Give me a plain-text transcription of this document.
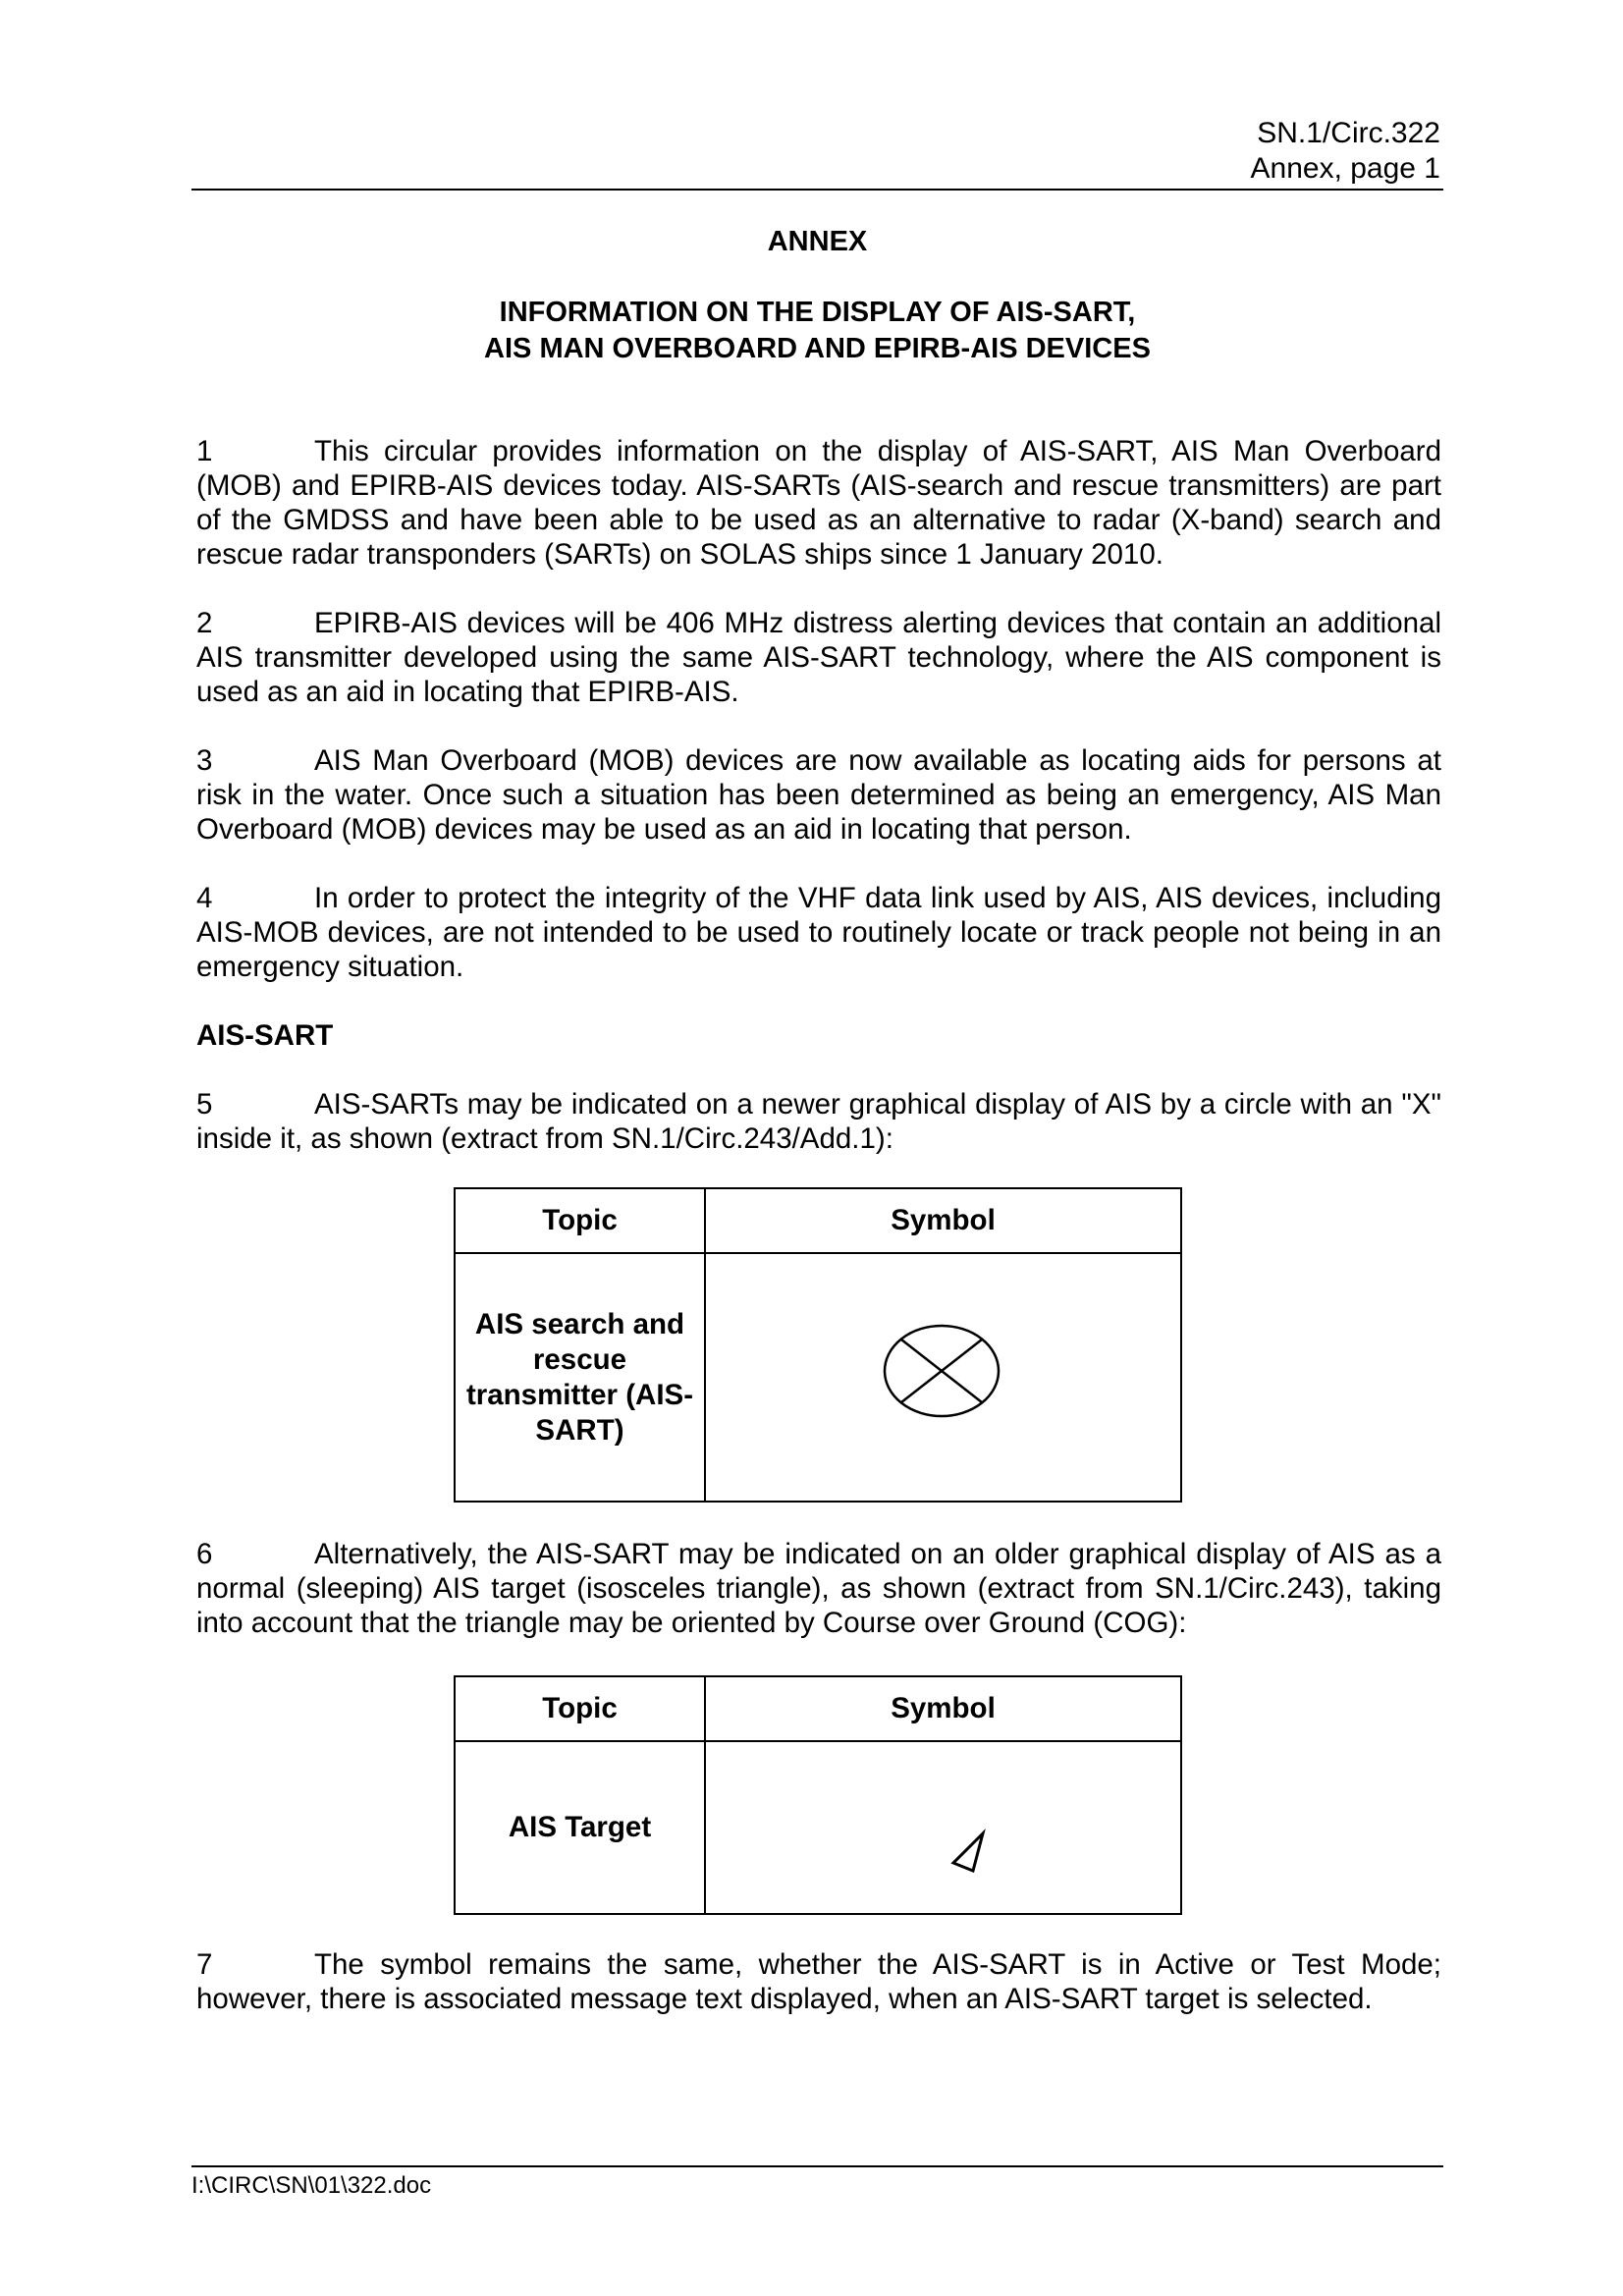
SN.1/Circ.322
Annex, page 1
ANNEX
INFORMATION ON THE DISPLAY OF AIS-SART,
AIS MAN OVERBOARD AND EPIRB-AIS DEVICES
1	This circular provides information on the display of AIS-SART, AIS Man Overboard (MOB) and EPIRB-AIS devices today. AIS-SARTs (AIS-search and rescue transmitters) are part of the GMDSS and have been able to be used as an alternative to radar (X-band) search and rescue radar transponders (SARTs) on SOLAS ships since 1 January 2010.
2	EPIRB-AIS devices will be 406 MHz distress alerting devices that contain an additional AIS transmitter developed using the same AIS-SART technology, where the AIS component is used as an aid in locating that EPIRB-AIS.
3	AIS Man Overboard (MOB) devices are now available as locating aids for persons at risk in the water. Once such a situation has been determined as being an emergency, AIS Man Overboard (MOB) devices may be used as an aid in locating that person.
4	In order to protect the integrity of the VHF data link used by AIS, AIS devices, including AIS-MOB devices, are not intended to be used to routinely locate or track people not being in an emergency situation.
AIS-SART
5	AIS-SARTs may be indicated on a newer graphical display of AIS by a circle with an "X" inside it, as shown (extract from SN.1/Circ.243/Add.1):
Topic	Symbol

AIS search and rescue transmitter (AIS-SART)

6	Alternatively, the AIS-SART may be indicated on an older graphical display of AIS as a normal (sleeping) AIS target (isosceles triangle), as shown (extract from SN.1/Circ.243), taking into account that the triangle may be oriented by Course over Ground (COG):
Topic	Symbol

AIS Target

7	The symbol remains the same, whether the AIS-SART is in Active or Test Mode; however, there is associated message text displayed, when an AIS-SART target is selected.
I:\CIRC\SN\01\322.doc
